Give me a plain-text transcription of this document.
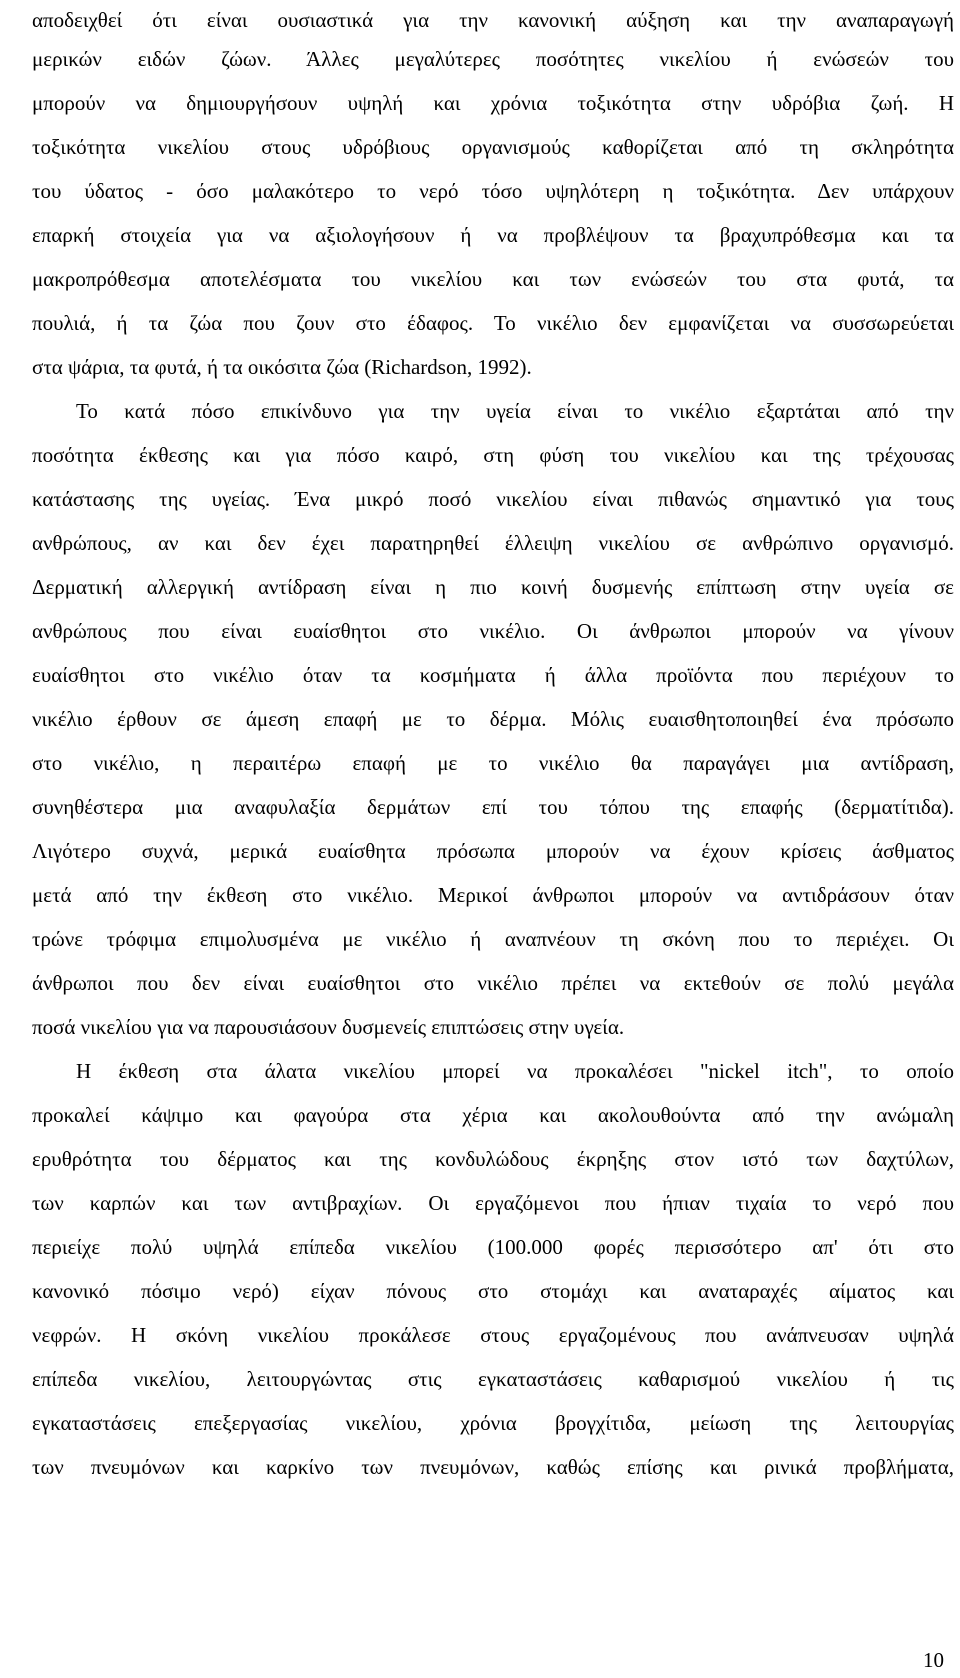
αποδειχθεί ότι είναι ουσιαστικά για την κανονική αύξηση και την αναπαραγωγή
μερικών ειδών ζώων. Άλλες μεγαλύτερες ποσότητες νικελίου ή ενώσεών του
μπορούν να δημιουργήσουν υψηλή και χρόνια τοξικότητα στην υδρόβια ζωή. Η
τοξικότητα νικελίου στους υδρόβιους οργανισμούς καθορίζεται από τη σκληρότητα
του ύδατος - όσο μαλακότερο το νερό τόσο υψηλότερη η τοξικότητα. Δεν υπάρχουν
επαρκή στοιχεία για να αξιολογήσουν ή να προβλέψουν τα βραχυπρόθεσμα και τα
μακροπρόθεσμα αποτελέσματα του νικελίου και των ενώσεών του στα φυτά, τα
πουλιά, ή τα ζώα που ζουν στο έδαφος. Το νικέλιο δεν εμφανίζεται να συσσωρεύεται
στα ψάρια, τα φυτά, ή τα οικόσιτα ζώα (Richardson, 1992).
Το κατά πόσο επικίνδυνο για την υγεία είναι το νικέλιο εξαρτάται από την
ποσότητα έκθεσης και για πόσο καιρό, στη φύση του νικελίου και της τρέχουσας
κατάστασης της υγείας. Ένα μικρό ποσό νικελίου είναι πιθανώς σημαντικό για τους
ανθρώπους, αν και δεν έχει παρατηρηθεί έλλειψη νικελίου σε ανθρώπινο οργανισμό.
Δερματική αλλεργική αντίδραση είναι η πιο κοινή δυσμενής επίπτωση στην υγεία σε
ανθρώπους που είναι ευαίσθητοι στο νικέλιο. Οι άνθρωποι μπορούν να γίνουν
ευαίσθητοι στο νικέλιο όταν τα κοσμήματα ή άλλα προϊόντα που περιέχουν το
νικέλιο έρθουν σε άμεση επαφή με το δέρμα. Μόλις ευαισθητοποιηθεί ένα πρόσωπο
στο νικέλιο, η περαιτέρω επαφή με το νικέλιο θα παραγάγει μια αντίδραση,
συνηθέστερα μια αναφυλαξία δερμάτων επί του τόπου της επαφής (δερματίτιδα).
Λιγότερο συχνά, μερικά ευαίσθητα πρόσωπα μπορούν να έχουν κρίσεις άσθματος
μετά από την έκθεση στο νικέλιο. Μερικοί άνθρωποι μπορούν να αντιδράσουν όταν
τρώνε τρόφιμα επιμολυσμένα με νικέλιο ή αναπνέουν τη σκόνη που το περιέχει. Οι
άνθρωποι που δεν είναι ευαίσθητοι στο νικέλιο πρέπει να εκτεθούν σε πολύ μεγάλα
ποσά νικελίου για να παρουσιάσουν δυσμενείς επιπτώσεις στην υγεία.
Η έκθεση στα άλατα νικελίου μπορεί να προκαλέσει "nickel itch", το οποίο
προκαλεί κάψιμο και φαγούρα στα χέρια και ακολουθούντα από την ανώμαλη
ερυθρότητα του δέρματος και της κονδυλώδους έκρηξης στον ιστό των δαχτύλων,
των καρπών και των αντιβραχίων. Οι εργαζόμενοι που ήπιαν τιχαία το νερό που
περιείχε πολύ υψηλά επίπεδα νικελίου (100.000 φορές περισσότερο απ' ότι στο
κανονικό πόσιμο νερό) είχαν πόνους στο στομάχι και αναταραχές αίματος και
νεφρών. Η σκόνη νικελίου προκάλεσε στους εργαζομένους που ανάπνευσαν υψηλά
επίπεδα νικελίου, λειτουργώντας στις εγκαταστάσεις καθαρισμού νικελίου ή τις
εγκαταστάσεις επεξεργασίας νικελίου, χρόνια βρογχίτιδα, μείωση της λειτουργίας
των πνευμόνων και καρκίνο των πνευμόνων, καθώς επίσης και ρινικά προβλήματα,
10
